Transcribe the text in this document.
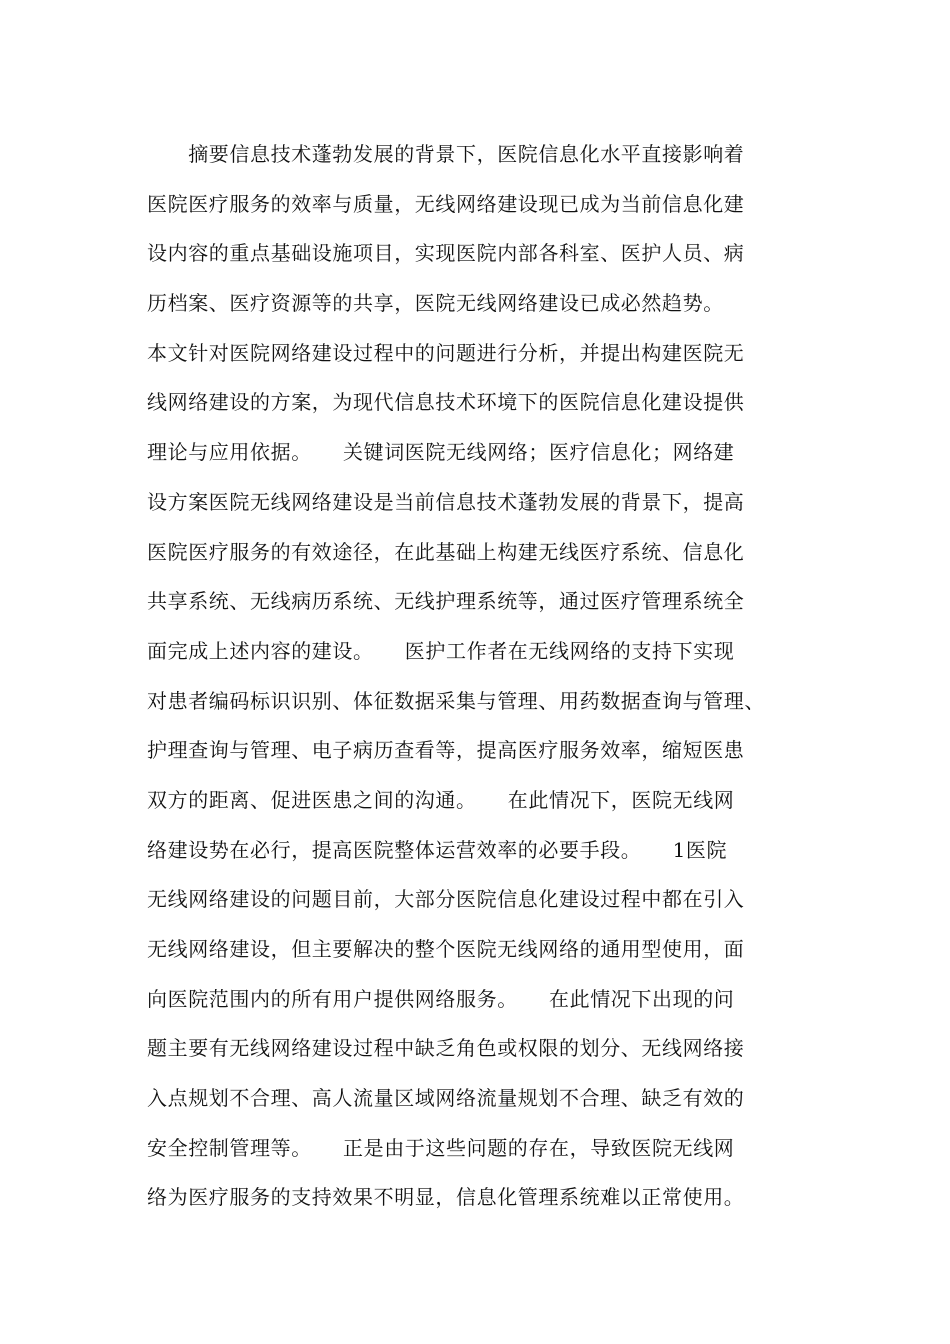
　　摘要信息技术蓬勃发展的背景下，医院信息化水平直接影响着
医院医疗服务的效率与质量，无线网络建设现已成为当前信息化建
设内容的重点基础设施项目，实现医院内部各科室、医护人员、病
历档案、医疗资源等的共享，医院无线网络建设已成必然趋势。
本文针对医院网络建设过程中的问题进行分析，并提出构建医院无
线网络建设的方案，为现代信息技术环境下的医院信息化建设提供
理论与应用依据。　　关键词医院无线网络；医疗信息化；网络建
设方案医院无线网络建设是当前信息技术蓬勃发展的背景下，提高
医院医疗服务的有效途径，在此基础上构建无线医疗系统、信息化
共享系统、无线病历系统、无线护理系统等，通过医疗管理系统全
面完成上述内容的建设。　　医护工作者在无线网络的支持下实现
对患者编码标识识别、体征数据采集与管理、用药数据查询与管理、
护理查询与管理、电子病历查看等，提高医疗服务效率，缩短医患
双方的距离、促进医患之间的沟通。　　在此情况下，医院无线网
络建设势在必行，提高医院整体运营效率的必要手段。　　1医院
无线网络建设的问题目前，大部分医院信息化建设过程中都在引入
无线网络建设，但主要解决的整个医院无线网络的通用型使用，面
向医院范围内的所有用户提供网络服务。　　在此情况下出现的问
题主要有无线网络建设过程中缺乏角色或权限的划分、无线网络接
入点规划不合理、高人流量区域网络流量规划不合理、缺乏有效的
安全控制管理等。　　正是由于这些问题的存在，导致医院无线网
络为医疗服务的支持效果不明显，信息化管理系统难以正常使用。
